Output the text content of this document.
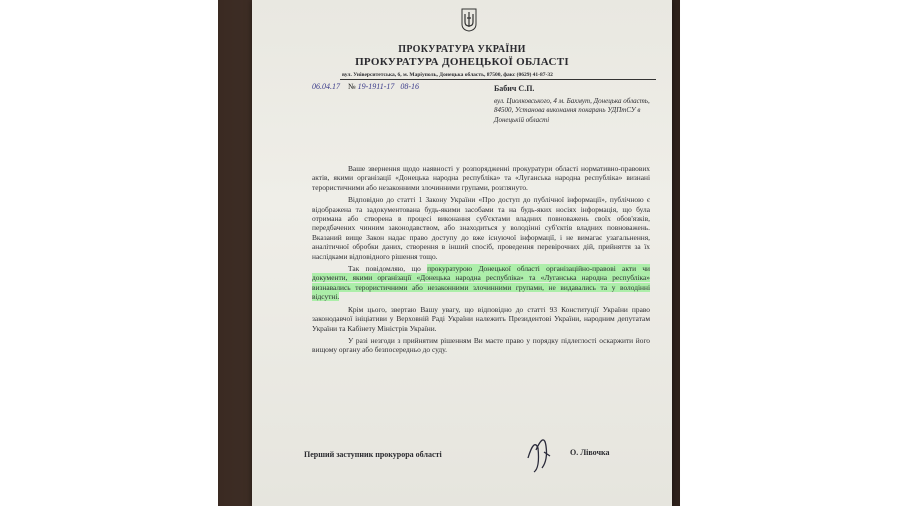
ПРОКУРАТУРА УКРАЇНИ
ПРОКУРАТУРА ДОНЕЦЬКОЇ ОБЛАСТІ
вул. Університетська, 6, м. Маріуполь, Донецька область, 87500, факс (0629) 41-87-32
06.04.17 № 19-1911-17 08-16	Бабич С.П.
вул. Циолковського, 4 м. Бахмут, Донецька область, 84500, Установа виконання покарань УДПтСУ в Донецькій області

Ваше звернення щодо наявності у розпорядженні прокуратури області нормативно-правових актів, якими організації «Донецька народна республіка» та «Луганська народна республіка» визнані терористичними або незаконними злочинними групами, розглянуто.

Відповідно до статті 1 Закону України «Про доступ до публічної інформації», публічною є відображена та задокументована будь-якими засобами та на будь-яких носіях інформація, що була отримана або створена в процесі виконання суб'єктами владних повноважень своїх обов'язків, передбачених чинним законодавством, або знаходиться у володінні суб'єктів владних повноважень. Вказаний вище Закон надає право доступу до вже існуючої інформації, і не вимагає узагальнення, аналітичної обробки даних, створення в інший спосіб, проведення перевірочних дій, прийняття за їх наслідками відповідного рішення тощо.

Так повідомляю, що прокуратурою Донецької області організаційно-правові акти чи документи, якими організації «Донецька народна республіка» та «Луганська народна республіка» визнавались терористичними або незаконними злочинними групами, не видавались та у володінні відсутні.

Крім цього, звертаю Вашу увагу, що відповідно до статті 93 Конституції України право законодавчої ініціативи у Верховній Раді України належить Президентові України, народним депутатам України та Кабінету Міністрів України.

У разі незгоди з прийнятим рішенням Ви маєте право у порядку підлеглості оскаржити його вищому органу або безпосередньо до суду.

Перший заступник прокурора області	О. Лівочка
